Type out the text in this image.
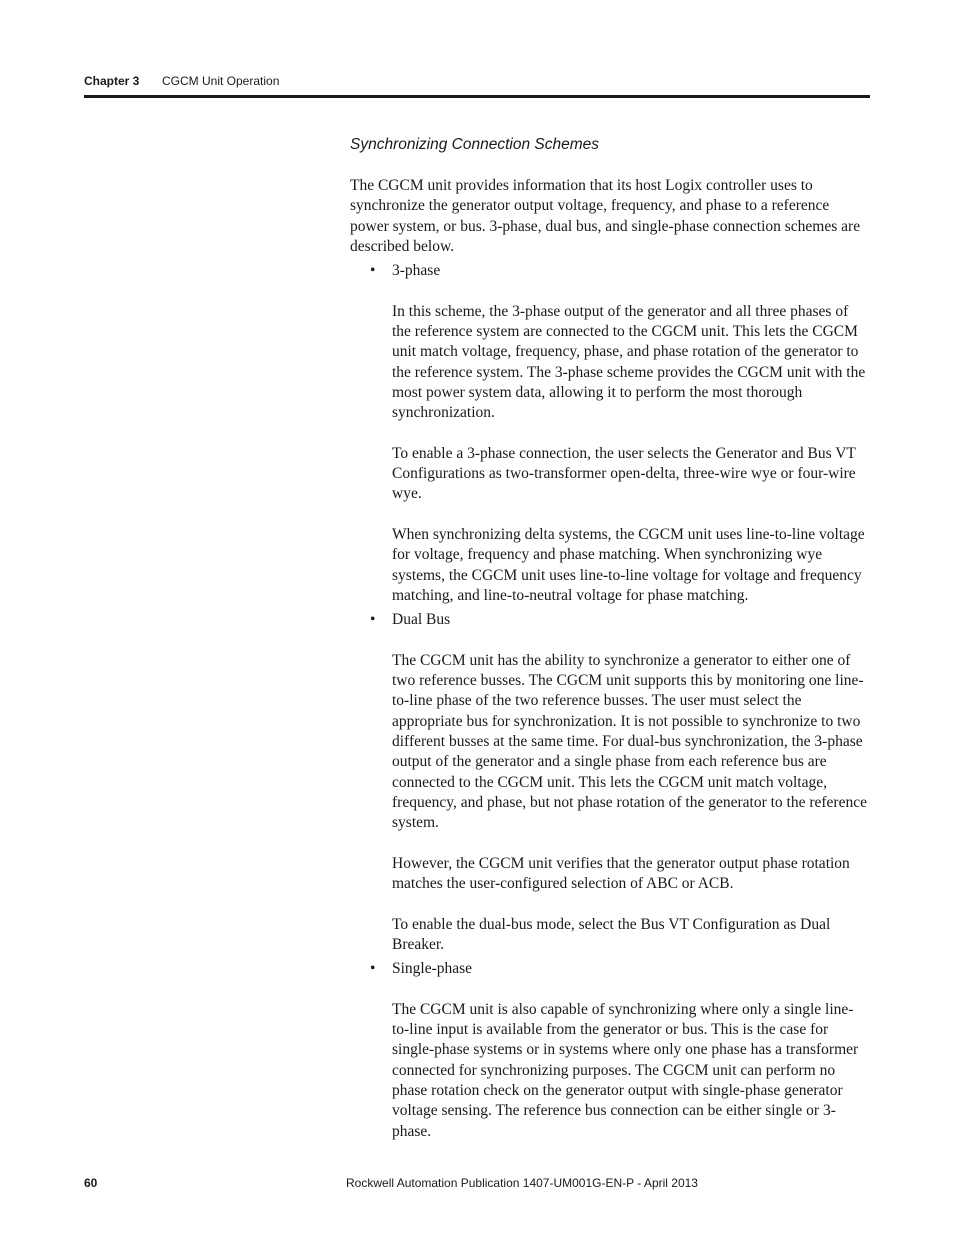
Chapter 3 CGCM Unit Operation
Synchronizing Connection Schemes

The CGCM unit provides information that its host Logix controller uses to synchronize the generator output voltage, frequency, and phase to a reference power system, or bus. 3-phase, dual bus, and single-phase connection schemes are described below.

• 3-phase

In this scheme, the 3-phase output of the generator and all three phases of the reference system are connected to the CGCM unit. This lets the CGCM unit match voltage, frequency, phase, and phase rotation of the generator to the reference system. The 3-phase scheme provides the CGCM unit with the most power system data, allowing it to perform the most thorough synchronization.

To enable a 3-phase connection, the user selects the Generator and Bus VT Configurations as two-transformer open-delta, three-wire wye or four-wire wye.

When synchronizing delta systems, the CGCM unit uses line-to-line voltage for voltage, frequency and phase matching. When synchronizing wye systems, the CGCM unit uses line-to-line voltage for voltage and frequency matching, and line-to-neutral voltage for phase matching.

• Dual Bus

The CGCM unit has the ability to synchronize a generator to either one of two reference busses. The CGCM unit supports this by monitoring one line-to-line phase of the two reference busses. The user must select the appropriate bus for synchronization. It is not possible to synchronize to two different busses at the same time. For dual-bus synchronization, the 3-phase output of the generator and a single phase from each reference bus are connected to the CGCM unit. This lets the CGCM unit match voltage, frequency, and phase, but not phase rotation of the generator to the reference system.

However, the CGCM unit verifies that the generator output phase rotation matches the user-configured selection of ABC or ACB.

To enable the dual-bus mode, select the Bus VT Configuration as Dual Breaker.

• Single-phase

The CGCM unit is also capable of synchronizing where only a single line-to-line input is available from the generator or bus. This is the case for single-phase systems or in systems where only one phase has a transformer connected for synchronizing purposes. The CGCM unit can perform no phase rotation check on the generator output with single-phase generator voltage sensing. The reference bus connection can be either single or 3-phase.

60	Rockwell Automation Publication 1407-UM001G-EN-P - April 2013
